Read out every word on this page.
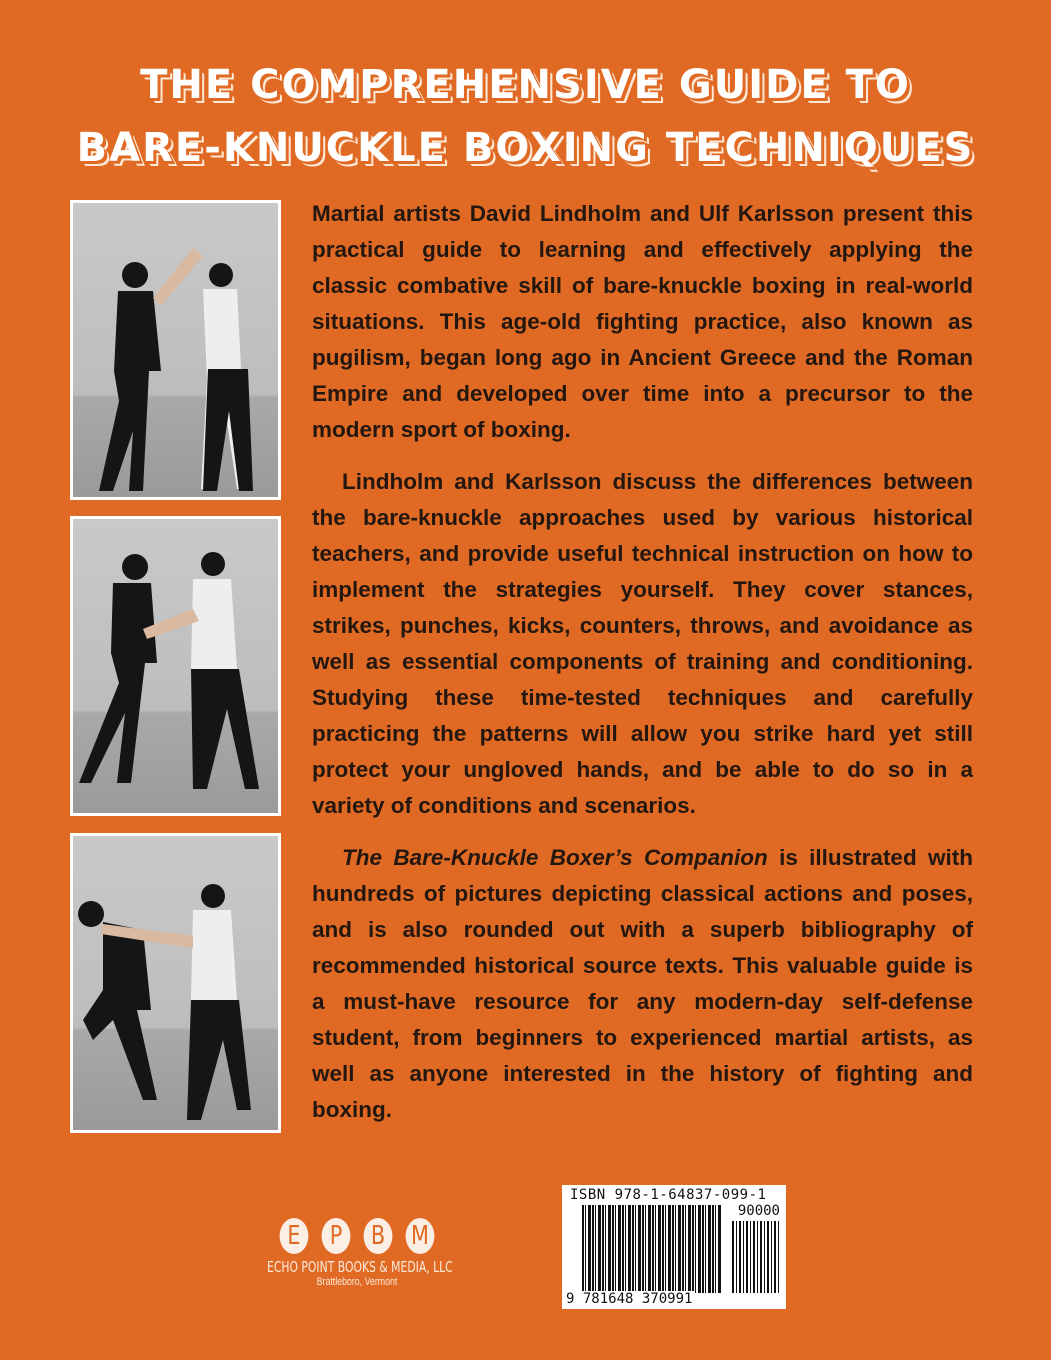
THE COMPREHENSIVE GUIDE TO
BARE-KNUCKLE BOXING TECHNIQUES

Martial artists David Lindholm and Ulf Karlsson present this practical guide to learning and effectively applying the classic combative skill of bare-knuckle boxing in real-world situations. This age-old fighting practice, also known as pugilism, began long ago in Ancient Greece and the Roman Empire and developed over time into a precursor to the modern sport of boxing.

Lindholm and Karlsson discuss the differences between the bare-knuckle approaches used by various historical teachers, and provide useful technical instruction on how to implement the strategies yourself. They cover stances, strikes, punches, kicks, counters, throws, and avoidance as well as essential components of training and conditioning. Studying these time-tested techniques and carefully practicing the patterns will allow you strike hard yet still protect your ungloved hands, and be able to do so in a variety of conditions and scenarios.

The Bare-Knuckle Boxer’s Companion is illustrated with hundreds of pictures depicting classical actions and poses, and is also rounded out with a superb bibliography of recommended historical source texts. This valuable guide is a must-have resource for any modern-day self-defense student, from beginners to experienced martial artists, as well as anyone interested in the history of fighting and boxing.

E	P	B M
ECHO POINT BOOKS & MEDIA, LLC
Brattleboro, Vermont
ISBN 978-1-64837-099-1
90000
9 781648 370991
